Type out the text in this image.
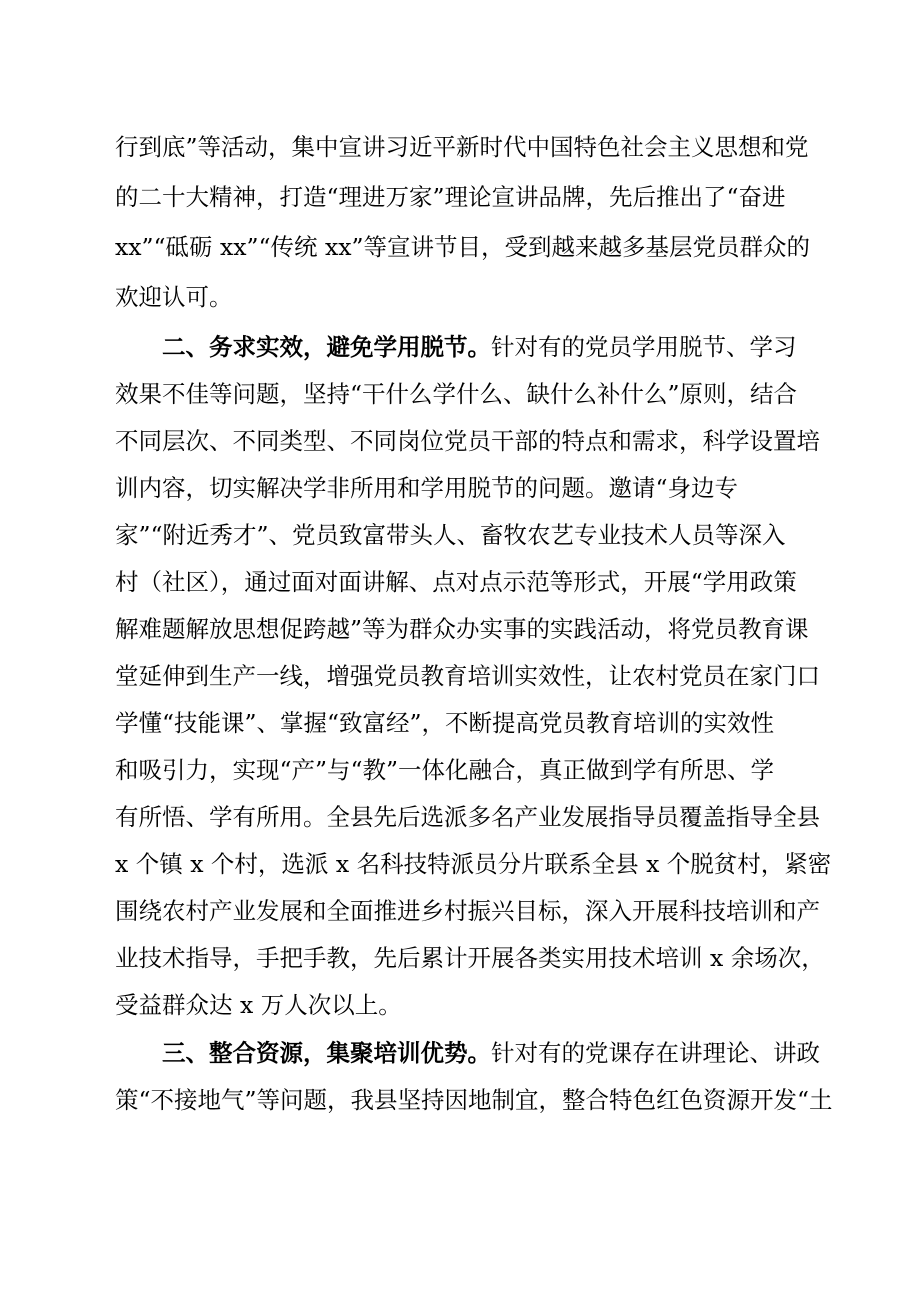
行到底”等活动，集中宣讲习近平新时代中国特色社会主义思想和党
的二十大精神，打造“理进万家”理论宣讲品牌，先后推出了“奋进
xx”“砥砺 xx”“传统 xx”等宣讲节目，受到越来越多基层党员群众的
欢迎认可。
二、务求实效，避免学用脱节。针对有的党员学用脱节、学习
效果不佳等问题，坚持“干什么学什么、缺什么补什么”原则，结合
不同层次、不同类型、不同岗位党员干部的特点和需求，科学设置培
训内容，切实解决学非所用和学用脱节的问题。邀请“身边专
家”“附近秀才”、党员致富带头人、畜牧农艺专业技术人员等深入
村（社区），通过面对面讲解、点对点示范等形式，开展“学用政策
解难题解放思想促跨越”等为群众办实事的实践活动，将党员教育课
堂延伸到生产一线，增强党员教育培训实效性，让农村党员在家门口
学懂“技能课”、掌握“致富经”，不断提高党员教育培训的实效性
和吸引力，实现“产”与“教”一体化融合，真正做到学有所思、学
有所悟、学有所用。全县先后选派多名产业发展指导员覆盖指导全县
x 个镇 x 个村，选派 x 名科技特派员分片联系全县 x 个脱贫村，紧密
围绕农村产业发展和全面推进乡村振兴目标，深入开展科技培训和产
业技术指导，手把手教，先后累计开展各类实用技术培训 x 余场次，
受益群众达 x 万人次以上。
三、整合资源，集聚培训优势。针对有的党课存在讲理论、讲政
策“不接地气”等问题，我县坚持因地制宜，整合特色红色资源开发“土
